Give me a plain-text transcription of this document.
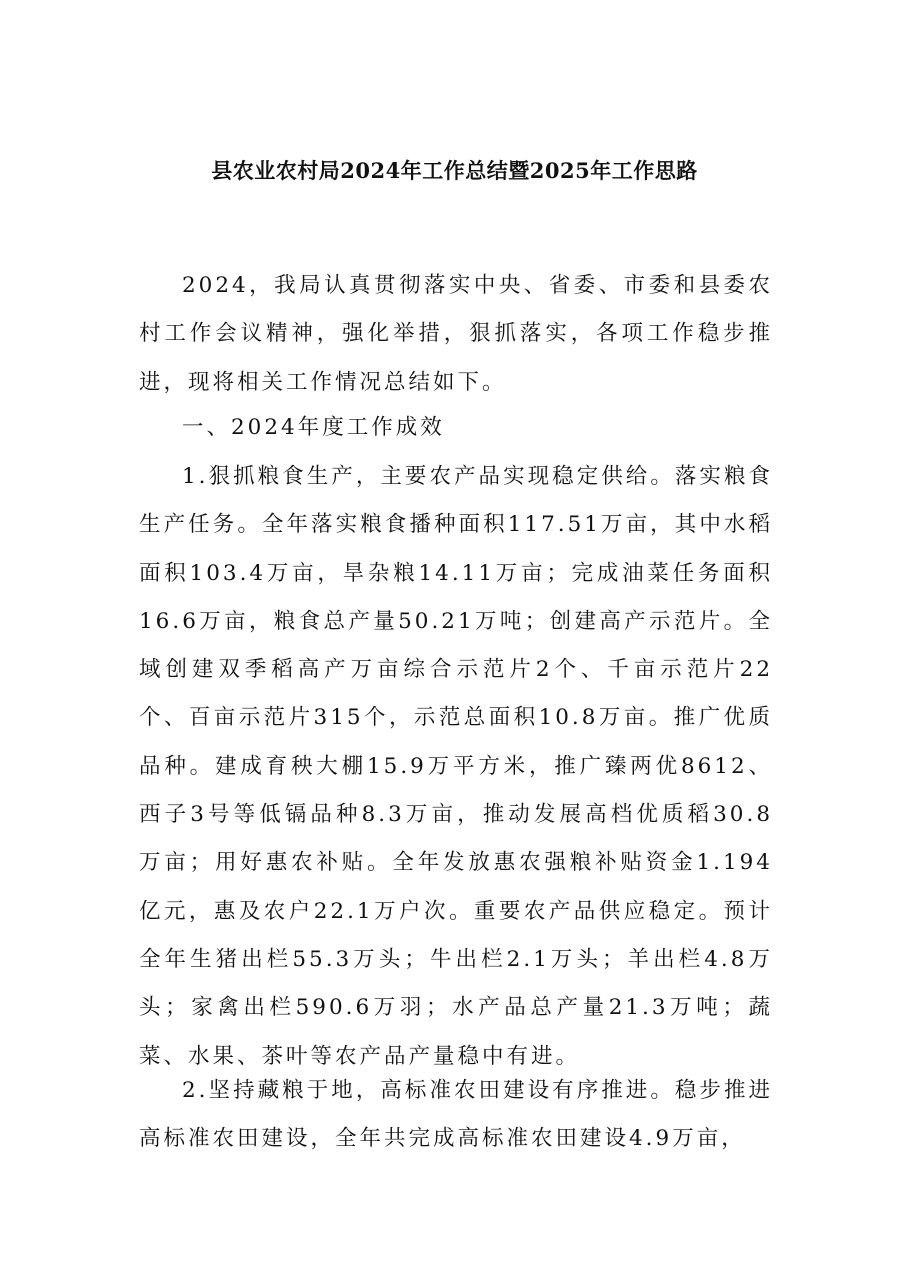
县农业农村局2024年工作总结暨2025年工作思路

2024，我局认真贯彻落实中央、省委、市委和县委农村工作会议精神，强化举措，狠抓落实，各项工作稳步推进，现将相关工作情况总结如下。

一、2024年度工作成效

1.狠抓粮食生产，主要农产品实现稳定供给。落实粮食生产任务。全年落实粮食播种面积117.51万亩，其中水稻面积103.4万亩，旱杂粮14.11万亩；完成油菜任务面积16.6万亩，粮食总产量50.21万吨；创建高产示范片。全域创建双季稻高产万亩综合示范片2个、千亩示范片22个、百亩示范片315个，示范总面积10.8万亩。推广优质品种。建成育秧大棚15.9万平方米，推广臻两优8612、西子3号等低镉品种8.3万亩，推动发展高档优质稻30.8万亩；用好惠农补贴。全年发放惠农强粮补贴资金1.194亿元，惠及农户22.1万户次。重要农产品供应稳定。预计全年生猪出栏55.3万头；牛出栏2.1万头；羊出栏4.8万头；家禽出栏590.6万羽；水产品总产量21.3万吨；蔬菜、水果、茶叶等农产品产量稳中有进。

2.坚持藏粮于地，高标准农田建设有序推进。稳步推进高标准农田建设，全年共完成高标准农田建设4.9万亩，
